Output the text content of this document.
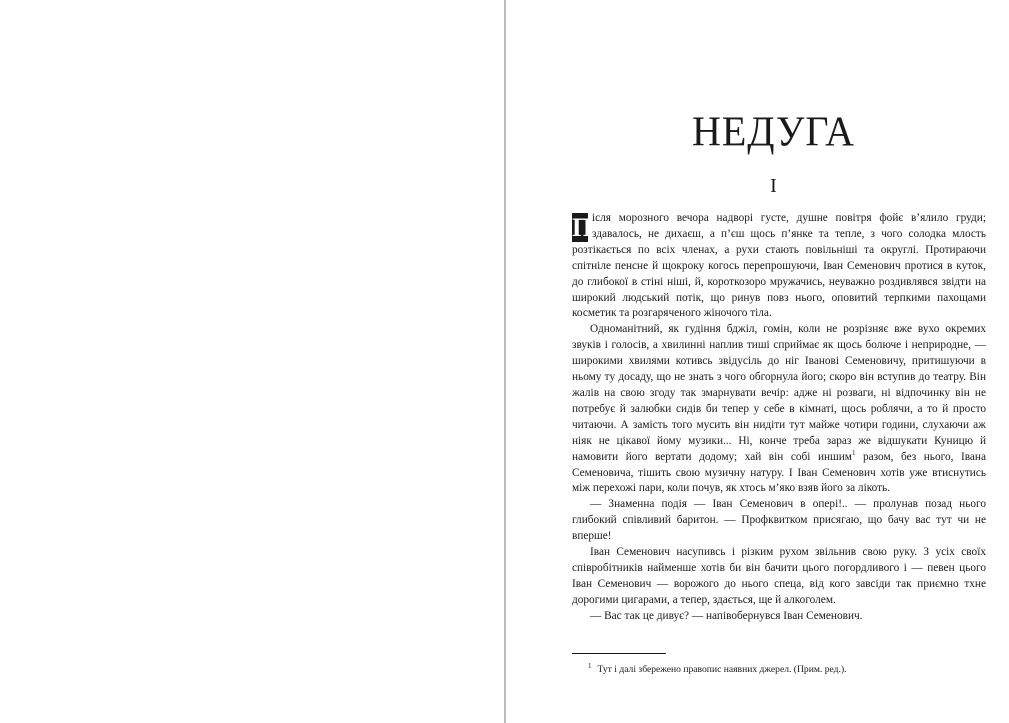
НЕДУГА
I

П ісля морозного вечора надворі густе, душне повітря фойє в’ялило груди; здавалось, не дихаєш, а п’єш щось п’янке та тепле, з чого солодка млость розтікається по всіх членах, а рухи стають повільніші та округлі. Протираючи спітніле пенсне й щокроку когось перепрошуючи, Іван Семенович протися в куток, до глибокої в стіні ніші, й, короткозоро мружачись, неуважно роздивлявся звідти на широкий людський потік, що ринув повз нього, оповитий терпкими пахощами косметик та розгарячeного жіночого тіла.

Одноманітний, як гудіння бджіл, гомін, коли не розрізняє вже вухо окремих звуків і голосів, а хвилинні наплив тиші сприймає як щось болюче і неприродне, — широкими хвилями котивсь звідусіль до ніг Іванові Семеновичу, притишуючи в ньому ту досаду, що не знать з чого обгорнула його; скоро він вступив до театру. Він жалів на свою згоду так змарнувати вечір: адже ні розваги, ні відпочинку він не потребує й залюбки сидів би тепер у себе в кімнаті, щось роблячи, а то й просто читаючи. А замість того мусить він нидіти тут майже чотири години, слухаючи аж ніяк не цікавої йому музики... Ні, конче треба зараз же відшукати Куницю й намовити його вертати додому; хай він собі иншим$^1$ разом, без нього, Івана Семеновича, тішить свою музичну натуру. І Іван Семенович хотів уже втиснутись між перехожі пари, коли почув, як хтось м’яко взяв його за лікоть.

— Знаменна подія — Іван Семенович в опері!.. — пролунав позад нього глибокий співливий баритон. — Профквитком присягаю, що бачу вас тут чи не вперше!

Іван Семенович насупивсь і різким рухом звільнив свою руку. З усіх своїх співробітників найменше хотів би він бачити цього погордливого і — певен цього Іван Семенович — ворожого до нього спеца, від кого завсіди так приємно тхне дорогими цигарами, а тепер, здається, ще й алкоголем.

— Вас так це дивує? — напівобернувся Іван Семенович.

$^1$ Тут і далі збережено правопис наявних джерел. (Прим. ред.).
